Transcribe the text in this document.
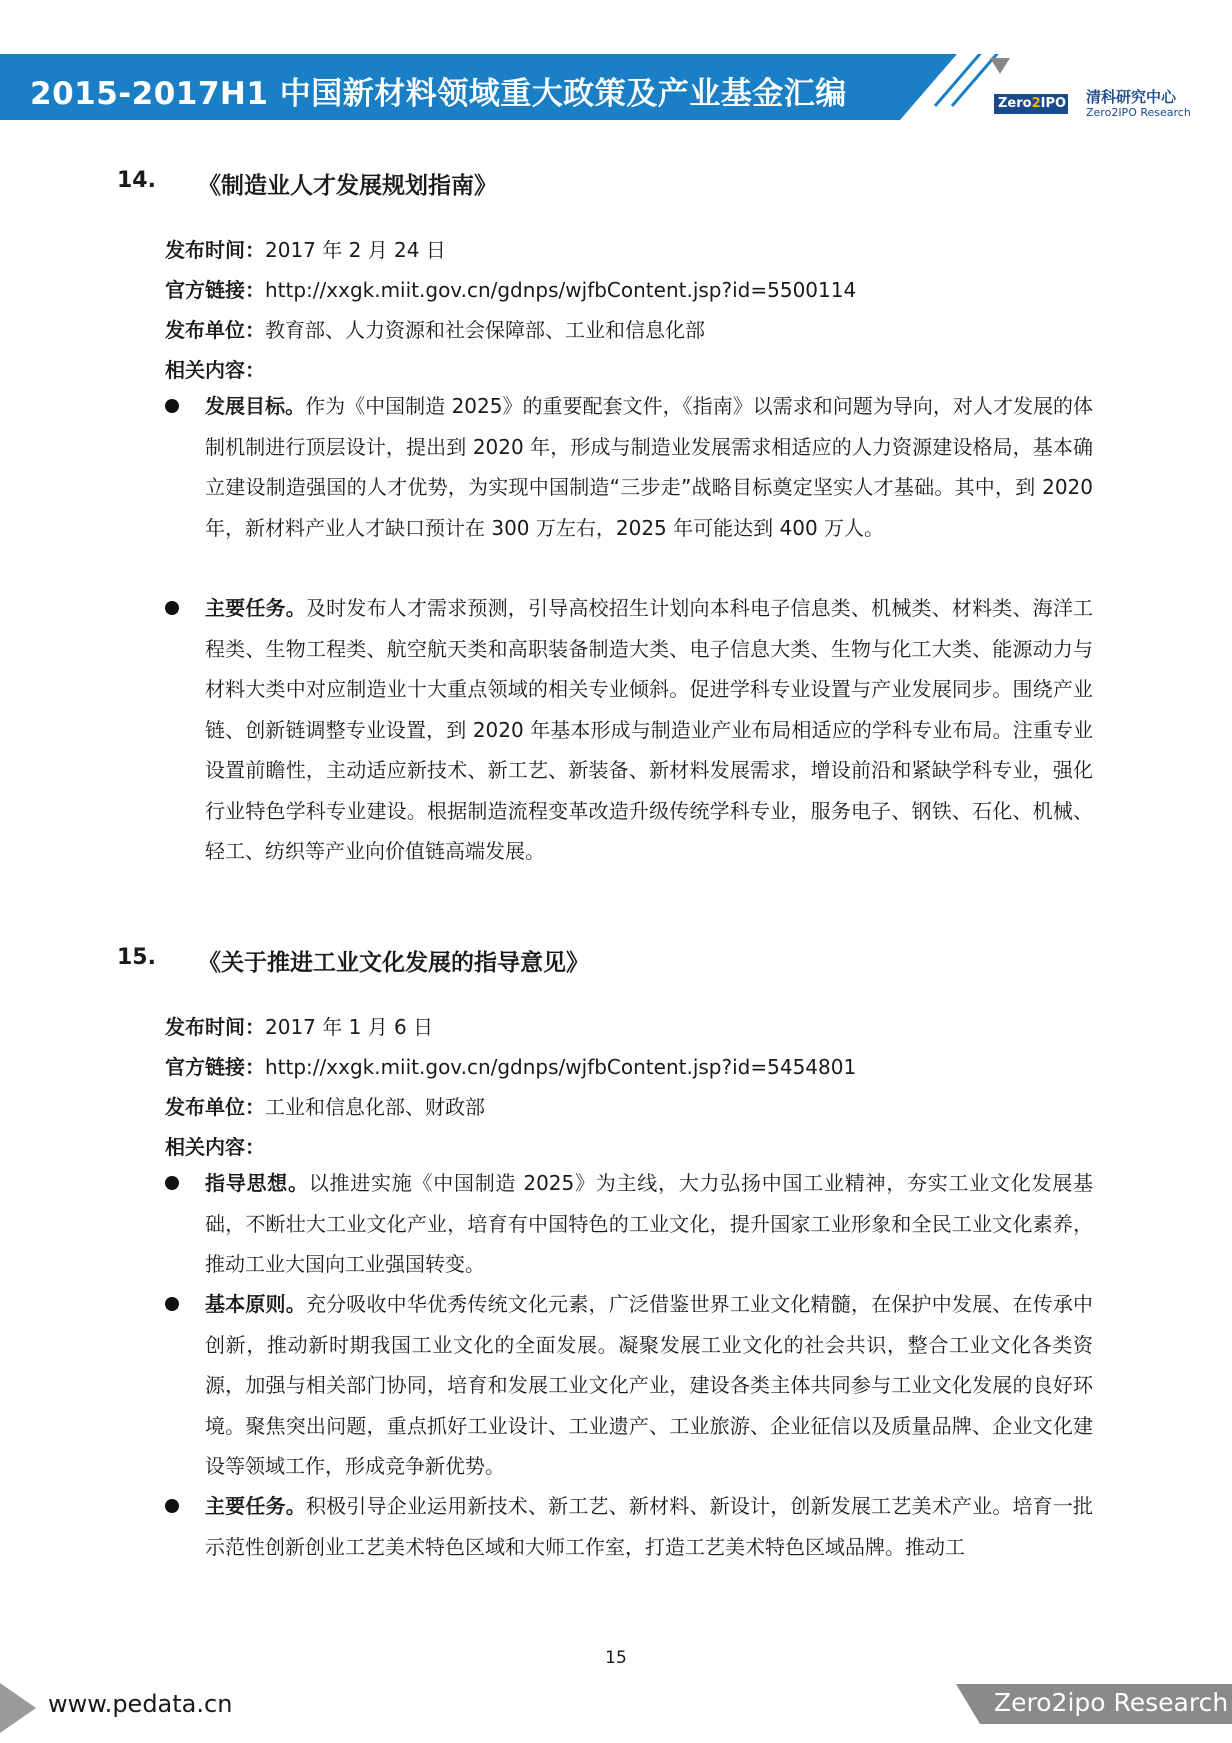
2015-2017H1 中国新材料领域重大政策及产业基金汇编	Zero2IPO 清科研究中心
Zero2IPO Research
14. 《制造业人才发展规划指南》
发布时间：2017 年 2 月 24 日
官方链接：http://xxgk.miit.gov.cn/gdnps/wjfbContent.jsp?id=5500114
发布单位：教育部、人力资源和社会保障部、工业和信息化部
相关内容：
发展目标。作为《中国制造 2025》的重要配套文件，《指南》以需求和问题为导向，对人才发展的体制机制进行顶层设计，提出到 2020 年，形成与制造业发展需求相适应的人力资源建设格局，基本确立建设制造强国的人才优势，为实现中国制造“三步走”战略目标奠定坚实人才基础。其中，到 2020 年，新材料产业人才缺口预计在 300 万左右，2025 年可能达到 400 万人。
主要任务。及时发布人才需求预测，引导高校招生计划向本科电子信息类、机械类、材料类、海洋工程类、生物工程类、航空航天类和高职装备制造大类、电子信息大类、生物与化工大类、能源动力与材料大类中对应制造业十大重点领域的相关专业倾斜。促进学科专业设置与产业发展同步。围绕产业链、创新链调整专业设置，到 2020 年基本形成与制造业产业布局相适应的学科专业布局。注重专业设置前瞻性，主动适应新技术、新工艺、新装备、新材料发展需求，增设前沿和紧缺学科专业，强化行业特色学科专业建设。根据制造流程变革改造升级传统学科专业，服务电子、钢铁、石化、机械、轻工、纺织等产业向价值链高端发展。
15. 《关于推进工业文化发展的指导意见》
发布时间：2017 年 1 月 6 日
官方链接：http://xxgk.miit.gov.cn/gdnps/wjfbContent.jsp?id=5454801
发布单位：工业和信息化部、财政部
相关内容：
指导思想。以推进实施《中国制造 2025》为主线，大力弘扬中国工业精神，夯实工业文化发展基础，不断壮大工业文化产业，培育有中国特色的工业文化，提升国家工业形象和全民工业文化素养，推动工业大国向工业强国转变。
基本原则。充分吸收中华优秀传统文化元素，广泛借鉴世界工业文化精髓，在保护中发展、在传承中创新，推动新时期我国工业文化的全面发展。凝聚发展工业文化的社会共识，整合工业文化各类资源，加强与相关部门协同，培育和发展工业文化产业，建设各类主体共同参与工业文化发展的良好环境。聚焦突出问题，重点抓好工业设计、工业遗产、工业旅游、企业征信以及质量品牌、企业文化建设等领域工作，形成竞争新优势。
主要任务。积极引导企业运用新技术、新工艺、新材料、新设计，创新发展工艺美术产业。培育一批示范性创新创业工艺美术特色区域和大师工作室，打造工艺美术特色区域品牌。推动工
15
www.pedata.cn	Zero2ipo Research
